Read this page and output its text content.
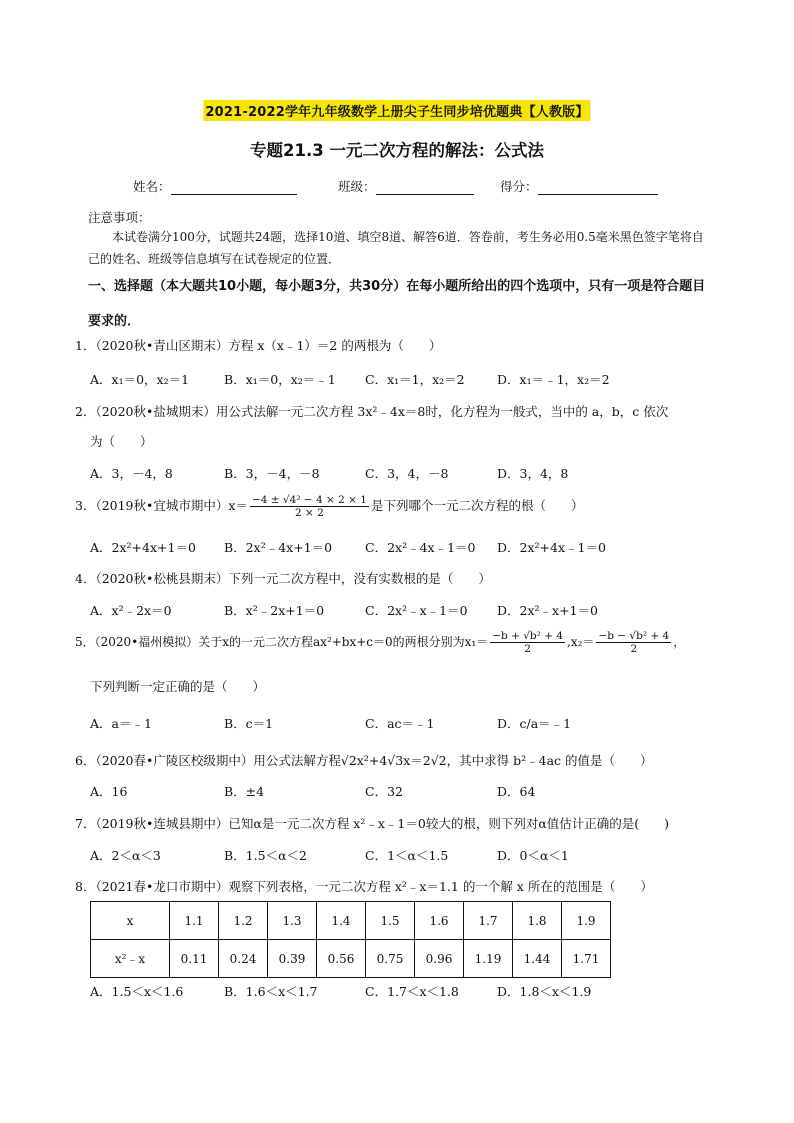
2021-2022学年九年级数学上册尖子生同步培优题典【人教版】
专题21.3 一元二次方程的解法：公式法
姓名：	班级：	得分：
注意事项：
本试卷满分100分，试题共24题，选择10道、填空8道、解答6道．答卷前，考生务必用0.5毫米黑色签字笔将自己的姓名、班级等信息填写在试卷规定的位置．
一、选择题（本大题共10小题，每小题3分，共30分）在每小题所给出的四个选项中，只有一项是符合题目要求的．
1．（2020秋•青山区期末）方程 x（x﹣1）＝2 的两根为（　　）
A．x₁＝0，x₂＝1	B．x₁＝0，x₂＝﹣1 C．x₁＝1，x₂＝2	D．x₁＝﹣1，x₂＝2
2．（2020秋•盐城期末）用公式法解一元二次方程 3x²﹣4x＝8时，化方程为一般式，当中的 a，b，c 依次
为（　　）
A．3，－4，8	B．3，－4，－8	C．3，4，－8	D．3，4，8
3．（2019秋•宜城市期中）$x= \frac{\text{−4 ± √4² − 4 × 2 × 1}}{2 \times 2}$ 是下列哪个一元二次方程的根（　　）
A．2x²+4x+1＝0 B．2x²﹣4x+1＝0	C．2x²﹣4x﹣1＝0 D．2x²+4x﹣1＝0
4．（2020秋•松桃县期末）下列一元二次方程中，没有实数根的是（　　）
A．x²﹣2x＝0	B．x²﹣2x+1＝0	C．2x²﹣x﹣1＝0 D．2x²﹣x+1＝0
5．（2020•福州模拟）关于x的一元二次方程ax²+bx+c＝0的两根分别为$x_1= \frac{\text{−b + √b² + 4}}{2} ,x_2= \frac{\text{−b − √b² + 4}}{2}$ ，
下列判断一定正确的是（　　）
A．a＝﹣1	B．c＝1	C．ac＝﹣1	D．c/a＝﹣1
6．（2020春•广陵区校级期中）用公式法解方程√2x²+4√3x＝2√2，其中求得 b²﹣4ac 的值是（　　）
A．16	B．±4	C．32	D．64
7．（2019秋•连城县期中）已知α是一元二次方程 x²﹣x﹣1＝0较大的根，则下列对α值估计正确的是(　　)
A．2＜α＜3	B．1.5＜α＜2	C．1＜α＜1.5	D．0＜α＜1
8．（2021春•龙口市期中）观察下列表格，一元二次方程 x²﹣x＝1.1 的一个解 x 所在的范围是（　　）
x	1.1	1.2	1.3	1.4	1.5	1.6	1.7	1.8	1.9
x²﹣x	0.11	0.24	0.39	0.56	0.75	0.96	1.19	1.44	1.71
A．1.5＜x＜1.6	B．1.6＜x＜1.7	C．1.7＜x＜1.8	D．1.8＜x＜1.9
